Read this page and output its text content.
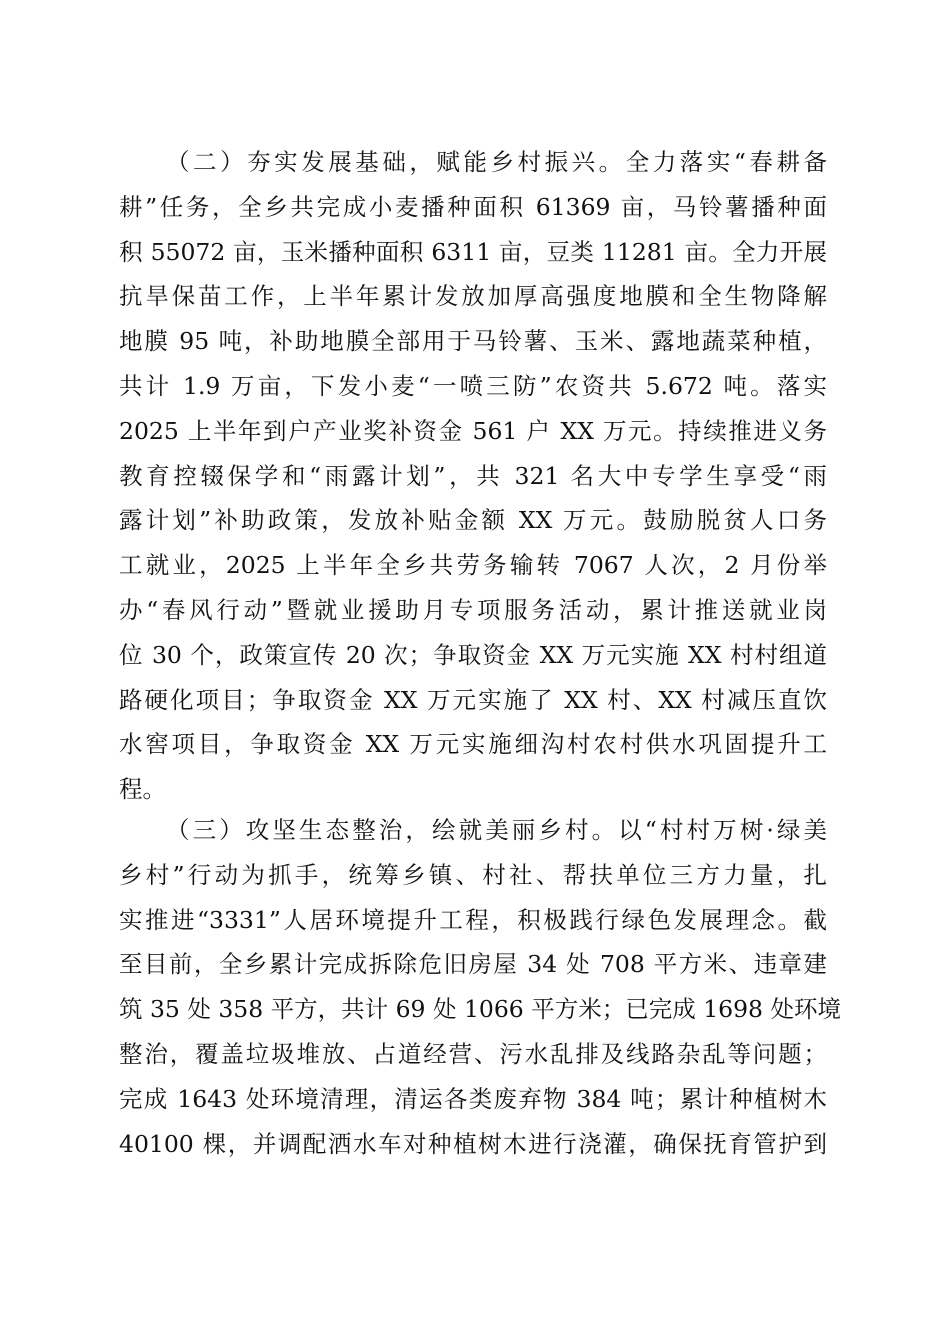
（二）夯实发展基础，赋能乡村振兴。全力落实“春耕备
耕”任务，全乡共完成小麦播种面积 61369 亩，马铃薯播种面
积 55072 亩，玉米播种面积 6311 亩，豆类 11281 亩。全力开展
抗旱保苗工作，上半年累计发放加厚高强度地膜和全生物降解
地膜 95 吨，补助地膜全部用于马铃薯、玉米、露地蔬菜种植，
共计 1.9 万亩，下发小麦“一喷三防”农资共 5.672 吨。落实
2025 上半年到户产业奖补资金 561 户 XX 万元。持续推进义务
教育控辍保学和“雨露计划”，共 321 名大中专学生享受“雨
露计划”补助政策，发放补贴金额 XX 万元。鼓励脱贫人口务
工就业，2025 上半年全乡共劳务输转 7067 人次，2 月份举
办“春风行动”暨就业援助月专项服务活动，累计推送就业岗
位 30 个，政策宣传 20 次；争取资金 XX 万元实施 XX 村村组道
路硬化项目；争取资金 XX 万元实施了 XX 村、XX 村减压直饮
水窖项目，争取资金 XX 万元实施细沟村农村供水巩固提升工
程。
（三）攻坚生态整治，绘就美丽乡村。以“村村万树·绿美
乡村”行动为抓手，统筹乡镇、村社、帮扶单位三方力量，扎
实推进“3331”人居环境提升工程，积极践行绿色发展理念。截
至目前，全乡累计完成拆除危旧房屋 34 处 708 平方米、违章建
筑 35 处 358 平方，共计 69 处 1066 平方米；已完成 1698 处环境
整治，覆盖垃圾堆放、占道经营、污水乱排及线路杂乱等问题；
完成 1643 处环境清理，清运各类废弃物 384 吨；累计种植树木
40100 棵，并调配洒水车对种植树木进行浇灌，确保抚育管护到
